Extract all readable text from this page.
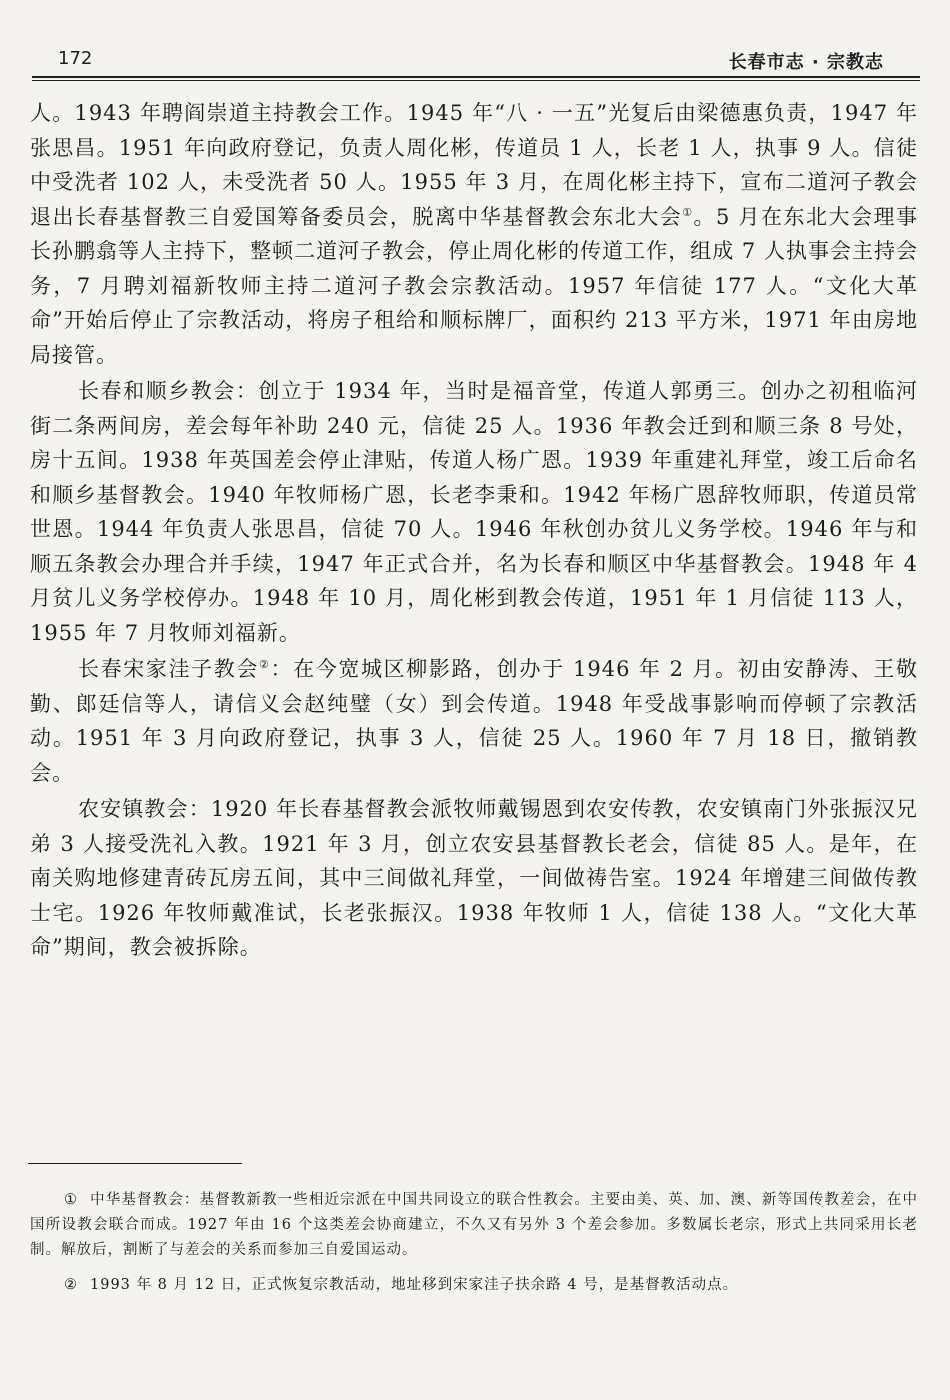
172	长春市志 · 宗教志

人。1943 年聘阎崇道主持教会工作。1945 年“八 · 一五”光复后由梁德惠负责，1947 年张思昌。1951 年向政府登记，负责人周化彬，传道员 1 人，长老 1 人，执事 9 人。信徒中受洗者 102 人，未受洗者 50 人。1955 年 3 月，在周化彬主持下，宣布二道河子教会退出长春基督教三自爱国筹备委员会，脱离中华基督教会东北大会①。5 月在东北大会理事长孙鹏翕等人主持下，整顿二道河子教会，停止周化彬的传道工作，组成 7 人执事会主持会务，7 月聘刘福新牧师主持二道河子教会宗教活动。1957 年信徒 177 人。“文化大革命”开始后停止了宗教活动，将房子租给和顺标牌厂，面积约 213 平方米，1971 年由房地局接管。

长春和顺乡教会：创立于 1934 年，当时是福音堂，传道人郭勇三。创办之初租临河街二条两间房，差会每年补助 240 元，信徒 25 人。1936 年教会迁到和顺三条 8 号处，房十五间。1938 年英国差会停止津贴，传道人杨广恩。1939 年重建礼拜堂，竣工后命名和顺乡基督教会。1940 年牧师杨广恩，长老李秉和。1942 年杨广恩辞牧师职，传道员常世恩。1944 年负责人张思昌，信徒 70 人。1946 年秋创办贫儿义务学校。1946 年与和顺五条教会办理合并手续，1947 年正式合并，名为长春和顺区中华基督教会。1948 年 4 月贫儿义务学校停办。1948 年 10 月，周化彬到教会传道，1951 年 1 月信徒 113 人，1955 年 7 月牧师刘福新。

长春宋家洼子教会②：在今宽城区柳影路，创办于 1946 年 2 月。初由安静涛、王敬勤、郎廷信等人，请信义会赵纯璧（女）到会传道。1948 年受战事影响而停顿了宗教活动。1951 年 3 月向政府登记，执事 3 人，信徒 25 人。1960 年 7 月 18 日，撤销教会。

农安镇教会：1920 年长春基督教会派牧师戴锡恩到农安传教，农安镇南门外张振汉兄弟 3 人接受洗礼入教。1921 年 3 月，创立农安县基督教长老会，信徒 85 人。是年，在南关购地修建青砖瓦房五间，其中三间做礼拜堂，一间做祷告室。1924 年增建三间做传教士宅。1926 年牧师戴准试，长老张振汉。1938 年牧师 1 人，信徒 138 人。“文化大革命”期间，教会被拆除。

① 中华基督教会：基督教新教一些相近宗派在中国共同设立的联合性教会。主要由美、英、加、澳、新等国传教差会，在中国所设教会联合而成。1927 年由 16 个这类差会协商建立，不久又有另外 3 个差会参加。多数属长老宗，形式上共同采用长老制。解放后，割断了与差会的关系而参加三自爱国运动。

② 1993 年 8 月 12 日，正式恢复宗教活动，地址移到宋家洼子扶余路 4 号，是基督教活动点。
